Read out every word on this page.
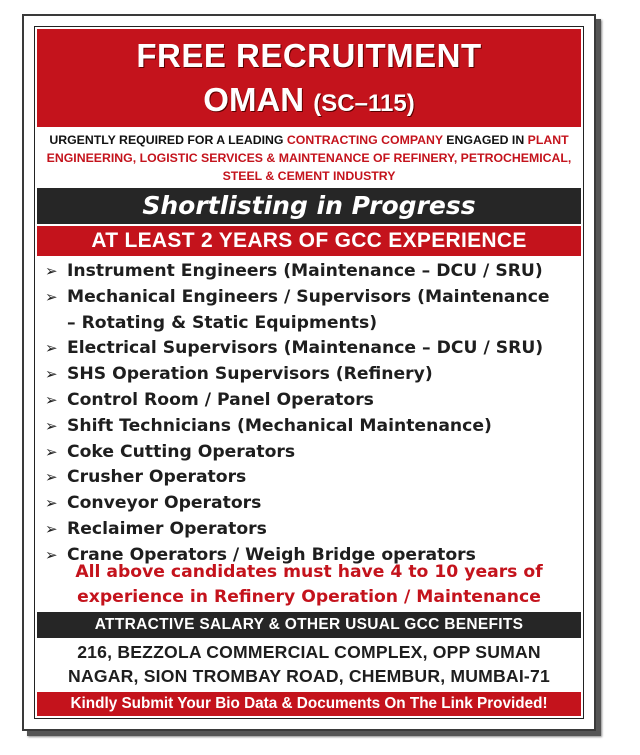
FREE RECRUITMENT
OMAN (SC–115)
URGENTLY REQUIRED FOR A LEADING CONTRACTING COMPANY ENGAGED IN PLANT ENGINEERING, LOGISTIC SERVICES & MAINTENANCE OF REFINERY, PETROCHEMICAL, STEEL & CEMENT INDUSTRY
Shortlisting in Progress
AT LEAST 2 YEARS OF GCC EXPERIENCE
➢ Instrument Engineers (Maintenance – DCU / SRU)
➢ Mechanical Engineers / Supervisors (Maintenance
– Rotating & Static Equipments)
➢ Electrical Supervisors (Maintenance – DCU / SRU)
➢ SHS Operation Supervisors (Refinery)
➢ Control Room / Panel Operators
➢ Shift Technicians (Mechanical Maintenance)
➢ Coke Cutting Operators
➢ Crusher Operators
➢ Conveyor Operators
➢ Reclaimer Operators
➢ Crane Operators / Weigh Bridge operators
All above candidates must have 4 to 10 years of
experience in Refinery Operation / Maintenance
ATTRACTIVE SALARY & OTHER USUAL GCC BENEFITS
216, BEZZOLA COMMERCIAL COMPLEX, OPP SUMAN
NAGAR, SION TROMBAY ROAD, CHEMBUR, MUMBAI-71
Kindly Submit Your Bio Data & Documents On The Link Provided!
